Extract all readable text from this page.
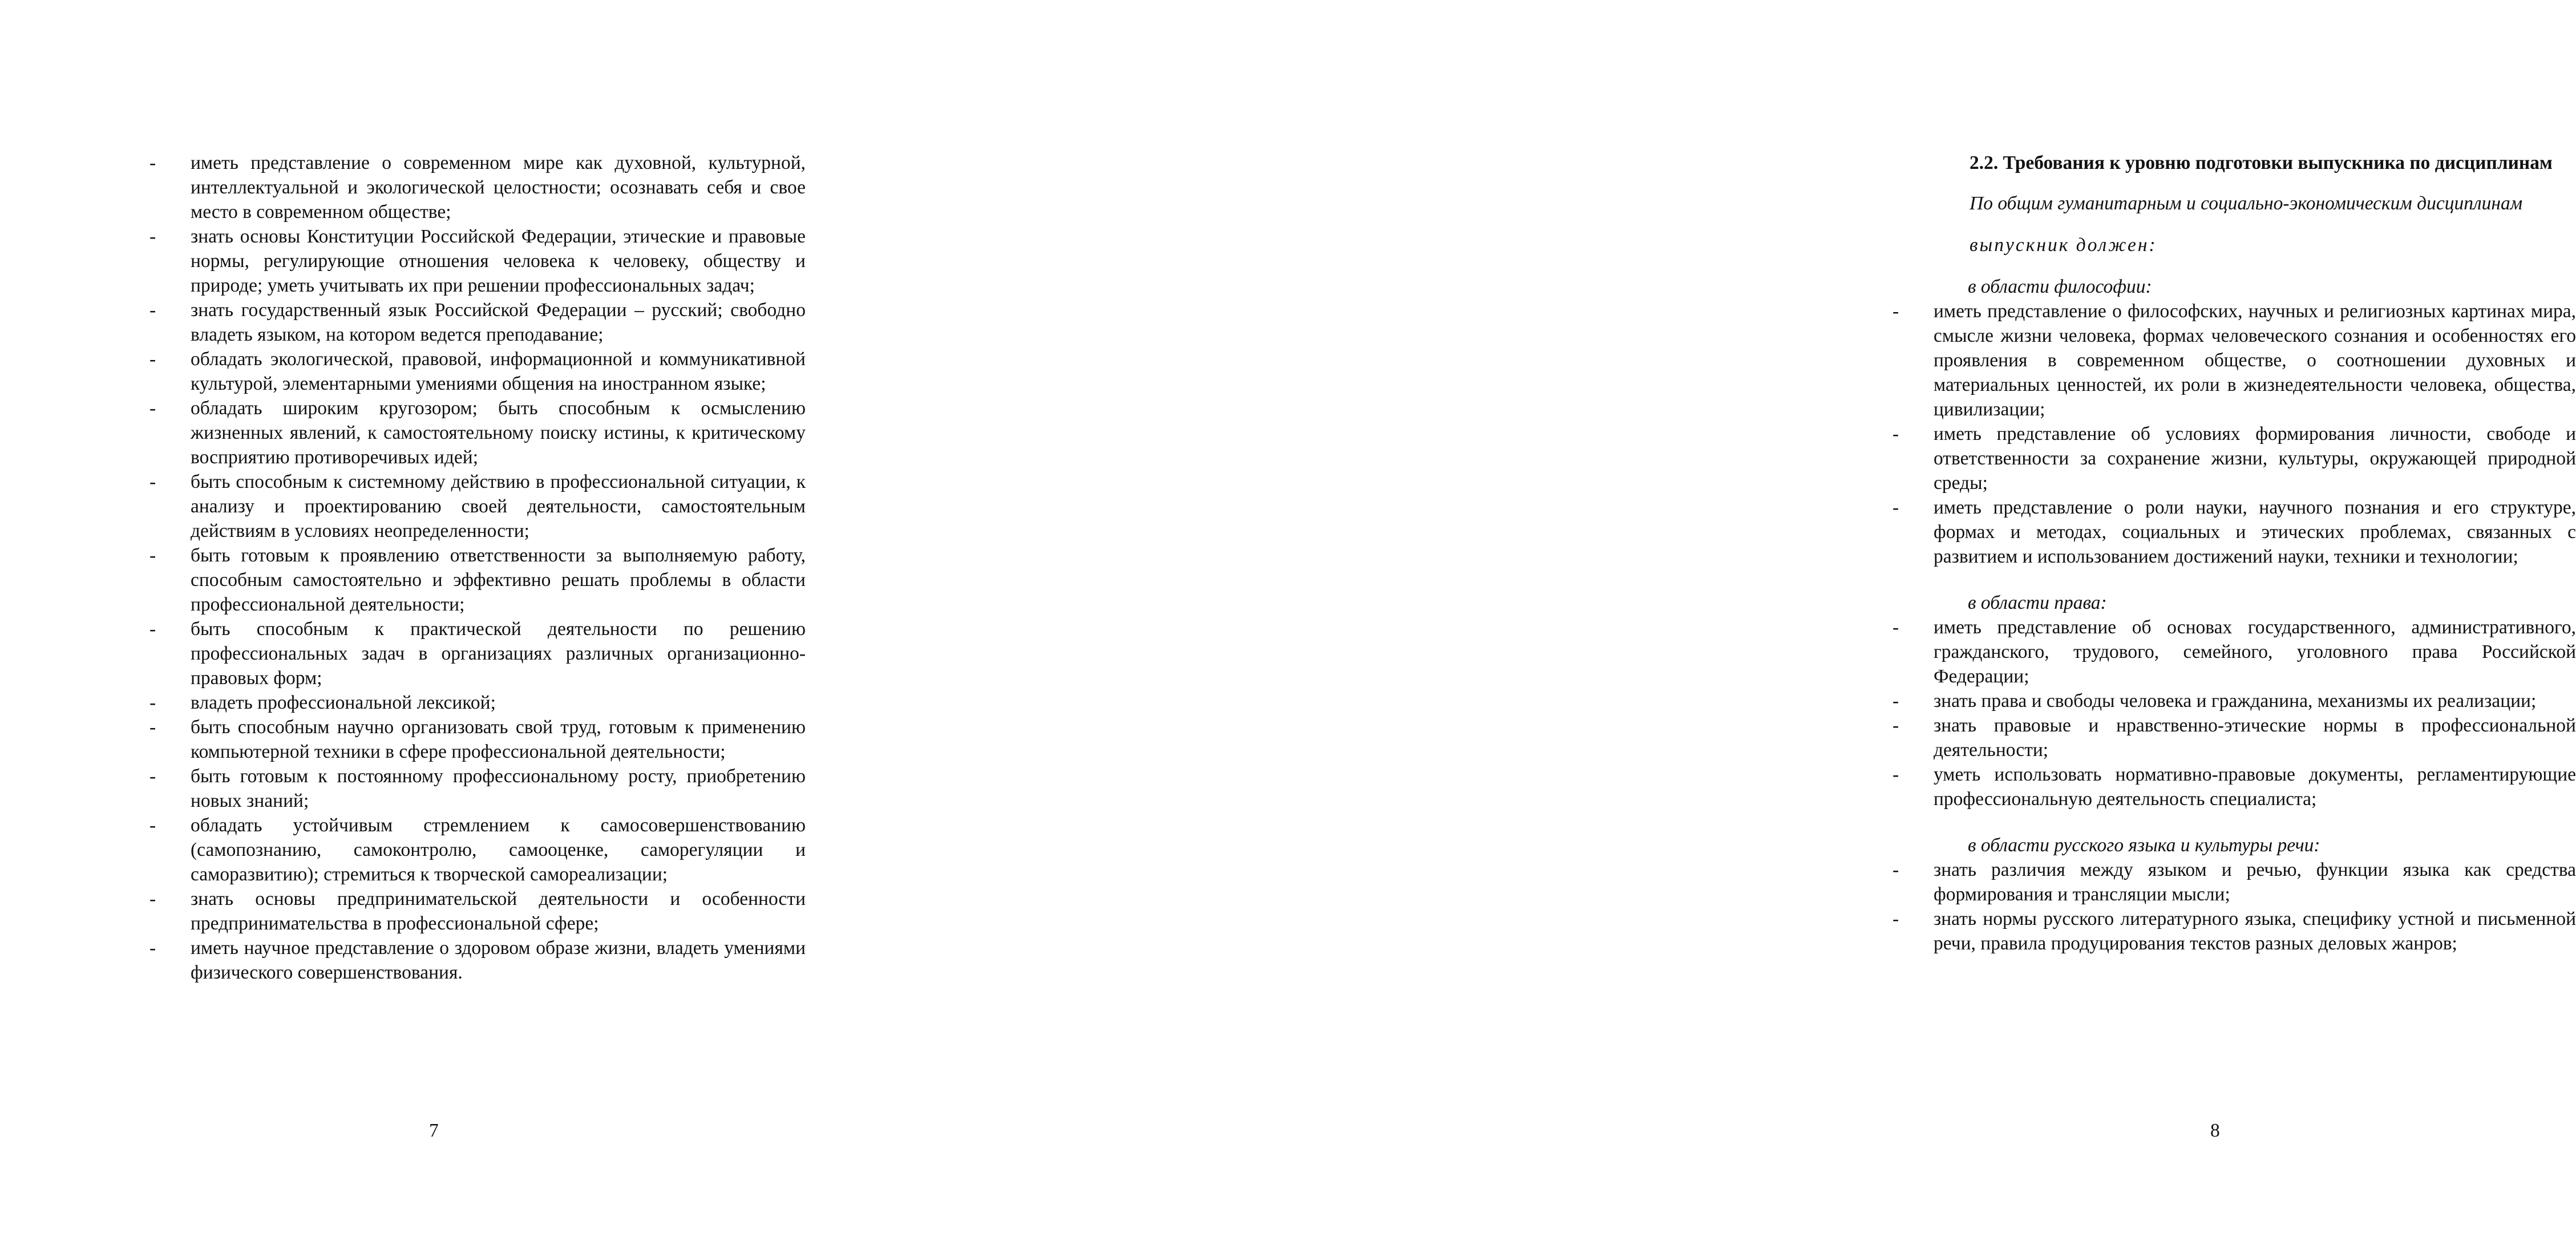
- иметь представление о современном мире как духовной, культурной, интеллектуальной и экологической целостности; осознавать себя и свое место в современном обществе;
- знать основы Конституции Российской Федерации, этические и правовые нормы, регулирующие отношения человека к человеку, обществу и природе; уметь учитывать их при решении профессиональных задач;
- знать государственный язык Российской Федерации – русский; свободно владеть языком, на котором ведется преподавание;
- обладать экологической, правовой, информационной и коммуникативной культурой, элементарными умениями общения на иностранном языке;
- обладать широким кругозором; быть способным к осмыслению жизненных явлений, к самостоятельному поиску истины, к критическому восприятию противоречивых идей;
- быть способным к системному действию в профессиональной ситуации, к анализу и проектированию своей деятельности, самостоятельным действиям в условиях неопределенности;
- быть готовым к проявлению ответственности за выполняемую работу, способным самостоятельно и эффективно решать проблемы в области профессиональной деятельности;
- быть способным к практической деятельности по решению профессиональных задач в организациях различных организационно-правовых форм;
- владеть профессиональной лексикой;
- быть способным научно организовать свой труд, готовым к применению компьютерной техники в сфере профессиональной деятельности;
- быть готовым к постоянному профессиональному росту, приобретению новых знаний;
- обладать устойчивым стремлением к самосовершенствованию (самопознанию, самоконтролю, самооценке, саморегуляции и саморазвитию); стремиться к творческой самореализации;
- знать основы предпринимательской деятельности и особенности предпринимательства в профессиональной сфере;
- иметь научное представление о здоровом образе жизни, владеть умениями физического совершенствования.
7

2.2. Требования к уровню подготовки выпускника по дисциплинам

По общим гуманитарным и социально-экономическим дисциплинам

выпускник должен:

в области философии:

- иметь представление о философских, научных и религиозных картинах мира, смысле жизни человека, формах человеческого сознания и особенностях его проявления в современном обществе, о соотношении духовных и материальных ценностей, их роли в жизнедеятельности человека, общества, цивилизации;
- иметь представление об условиях формирования личности, свободе и ответственности за сохранение жизни, культуры, окружающей природной среды;
- иметь представление о роли науки, научного познания и его структуре, формах и методах, социальных и этических проблемах, связанных с развитием и использованием достижений науки, техники и технологии;

в области права:

- иметь представление об основах государственного, административного, гражданского, трудового, семейного, уголовного права Российской Федерации;
- знать права и свободы человека и гражданина, механизмы их реализации;
- знать правовые и нравственно-этические нормы в профессиональной деятельности;
- уметь использовать нормативно-правовые документы, регламентирующие профессиональную деятельность специалиста;

в области русского языка и культуры речи:

- знать различия между языком и речью, функции языка как средства формирования и трансляции мысли;
- знать нормы русского литературного языка, специфику устной и письменной речи, правила продуцирования текстов разных деловых жанров;
8
